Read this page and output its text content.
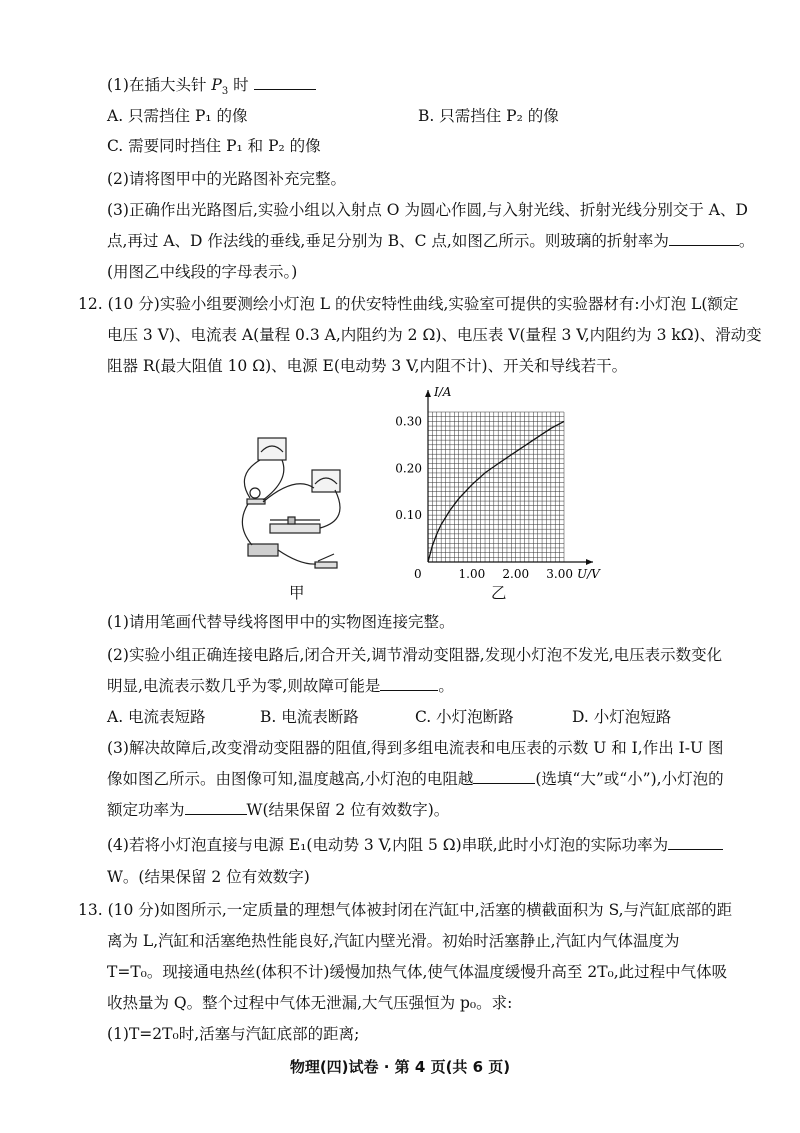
(1)在插大头针 $P_3$ 时
A. 只需挡住 P₁ 的像	B. 只需挡住 P₂ 的像
C. 需要同时挡住 P₁ 和 P₂ 的像
(2)请将图甲中的光路图补充完整。
(3)正确作出光路图后,实验小组以入射点 O 为圆心作圆,与入射光线、折射光线分别交于 A、D
点,再过 A、D 作法线的垂线,垂足分别为 B、C 点,如图乙所示。则玻璃的折射率为	。
(用图乙中线段的字母表示。)
12. (10 分)实验小组要测绘小灯泡 L 的伏安特性曲线,实验室可提供的实验器材有:小灯泡 L(额定
电压 3 V)、电流表 A(量程 0.3 A,内阻约为 2 Ω)、电压表 V(量程 3 V,内阻约为 3 kΩ)、滑动变
阻器 R(最大阻值 10 Ω)、电源 E(电动势 3 V,内阻不计)、开关和导线若干。
甲
1.00 2.00 3.00
0.10
0.20
0.30
I/A
U/V
0
乙
(1)请用笔画代替导线将图甲中的实物图连接完整。
(2)实验小组正确连接电路后,闭合开关,调节滑动变阻器,发现小灯泡不发光,电压表示数变化
明显,电流表示数几乎为零,则故障可能是	。
A. 电流表短路	B. 电流表断路	C. 小灯泡断路	D. 小灯泡短路
(3)解决故障后,改变滑动变阻器的阻值,得到多组电流表和电压表的示数 U 和 I,作出 I-U 图
像如图乙所示。由图像可知,温度越高,小灯泡的电阻越	(选填“大”或“小”),小灯泡的
额定功率为	W(结果保留 2 位有效数字)。
(4)若将小灯泡直接与电源 E₁(电动势 3 V,内阻 5 Ω)串联,此时小灯泡的实际功率为
W。(结果保留 2 位有效数字)
13. (10 分)如图所示,一定质量的理想气体被封闭在汽缸中,活塞的横截面积为 S,与汽缸底部的距
离为 L,汽缸和活塞绝热性能良好,汽缸内壁光滑。初始时活塞静止,汽缸内气体温度为
T=T₀。现接通电热丝(体积不计)缓慢加热气体,使气体温度缓慢升高至 2T₀,此过程中气体吸
收热量为 Q。整个过程中气体无泄漏,大气压强恒为 p₀。求:
(1)T=2T₀时,活塞与汽缸底部的距离;
物理(四)试卷 · 第 4 页(共 6 页)
